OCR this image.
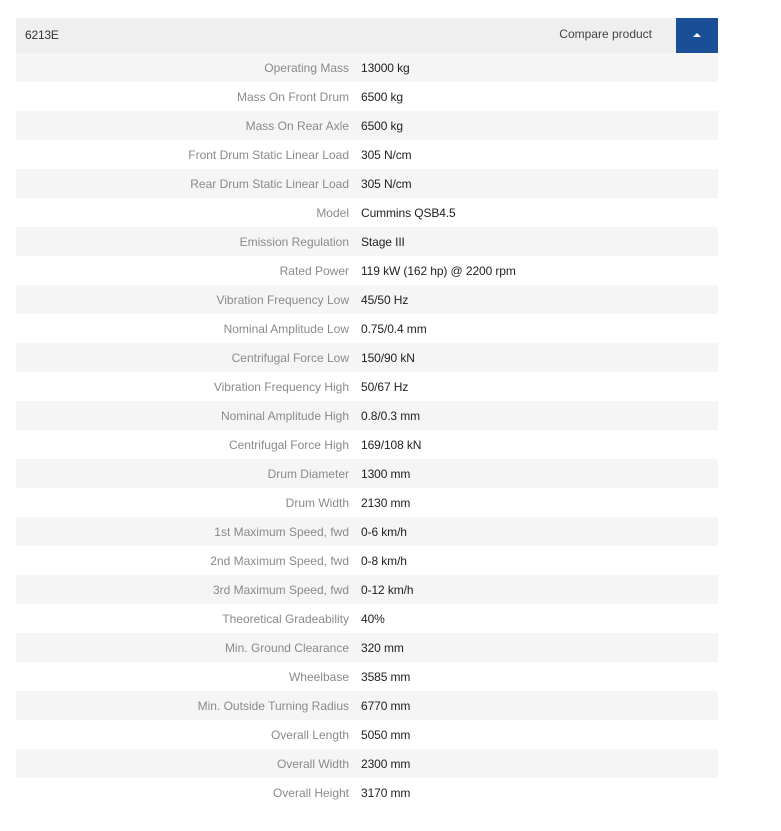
6213E	Compare product
Operating Mass	13000 kg
Mass On Front Drum	6500 kg
Mass On Rear Axle	6500 kg
Front Drum Static Linear Load	305 N/cm
Rear Drum Static Linear Load	305 N/cm
Model	Cummins QSB4.5
Emission Regulation	Stage III
Rated Power	119 kW (162 hp) @ 2200 rpm
Vibration Frequency Low	45/50 Hz
Nominal Amplitude Low	0.75/0.4 mm
Centrifugal Force Low	150/90 kN
Vibration Frequency High	50/67 Hz
Nominal Amplitude High	0.8/0.3 mm
Centrifugal Force High	169/108 kN
Drum Diameter	1300 mm
Drum Width	2130 mm
1st Maximum Speed, fwd	0-6 km/h
2nd Maximum Speed, fwd	0-8 km/h
3rd Maximum Speed, fwd	0-12 km/h
Theoretical Gradeability	40%
Min. Ground Clearance	320 mm
Wheelbase	3585 mm
Min. Outside Turning Radius	6770 mm
Overall Length	5050 mm
Overall Width	2300 mm
Overall Height	3170 mm
